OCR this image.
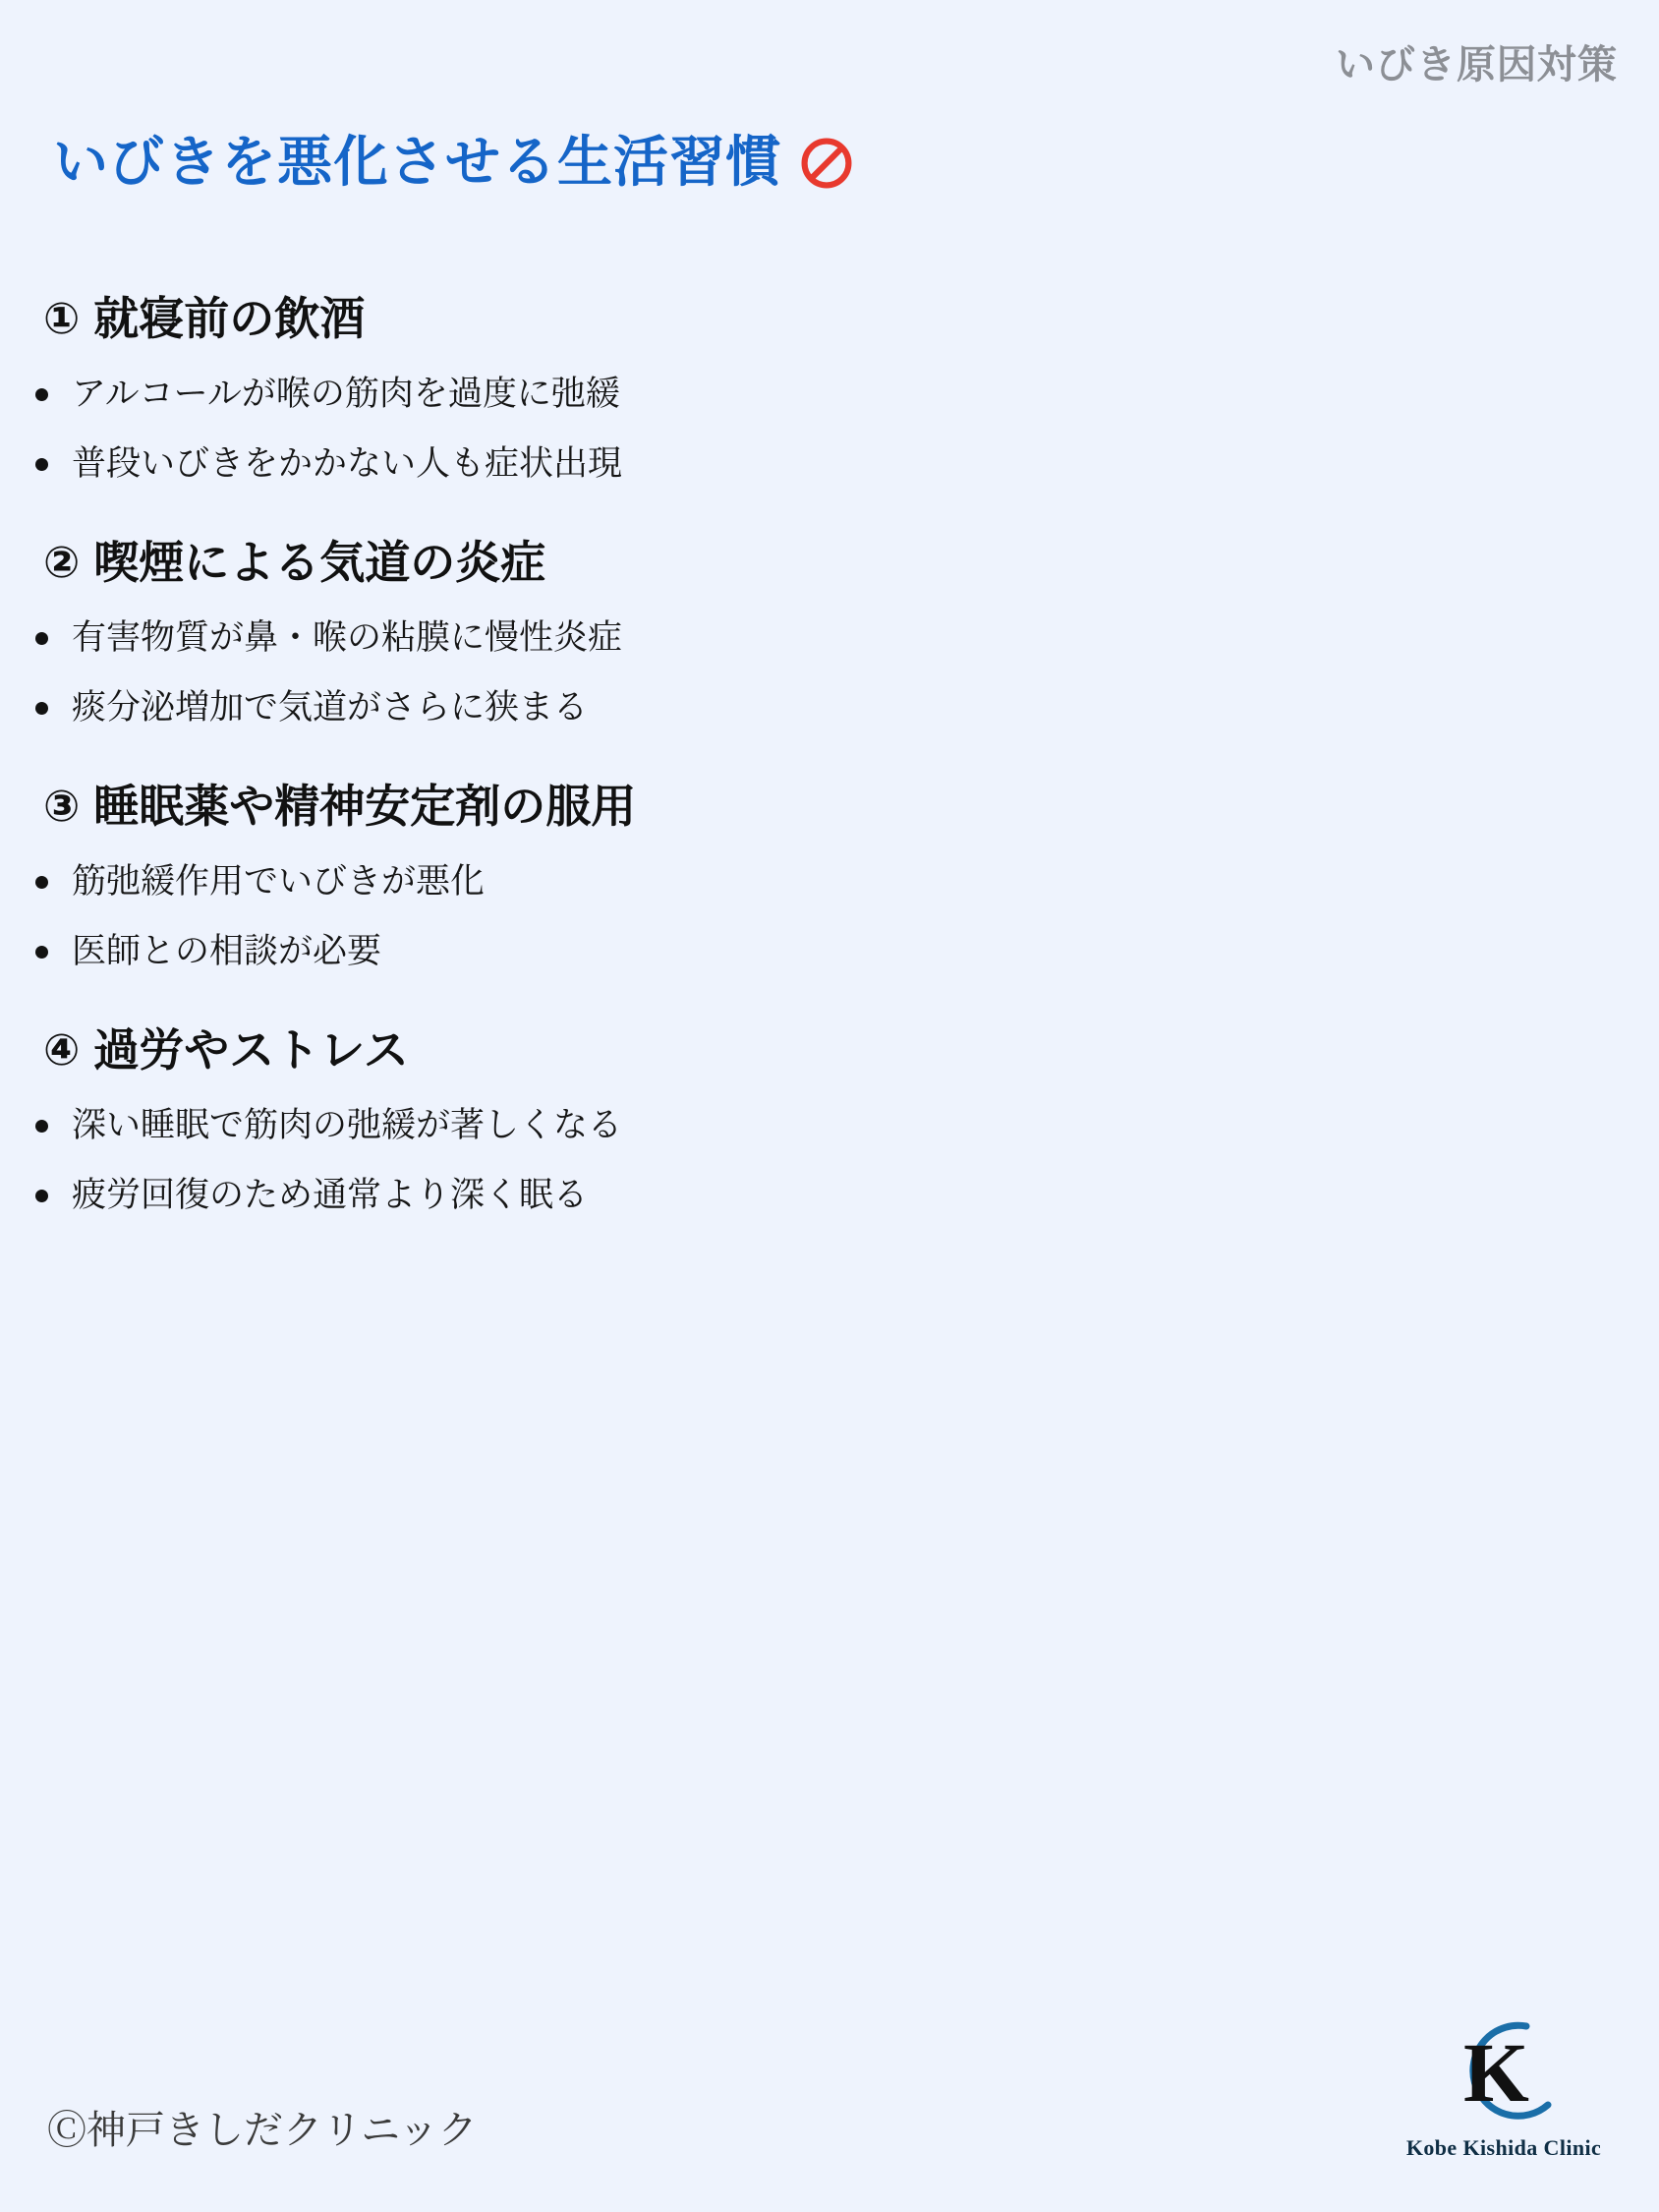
いびき原因対策
いびきを悪化させる生活習慣
① 就寝前の飲酒
アルコールが喉の筋肉を過度に弛緩
普段いびきをかかない人も症状出現
② 喫煙による気道の炎症
有害物質が鼻・喉の粘膜に慢性炎症
痰分泌増加で気道がさらに狭まる
③ 睡眠薬や精神安定剤の服用
筋弛緩作用でいびきが悪化
医師との相談が必要
④ 過労やストレス
深い睡眠で筋肉の弛緩が著しくなる
疲労回復のため通常より深く眠る
Ⓒ神戸きしだクリニック
K
Kobe Kishida Clinic
